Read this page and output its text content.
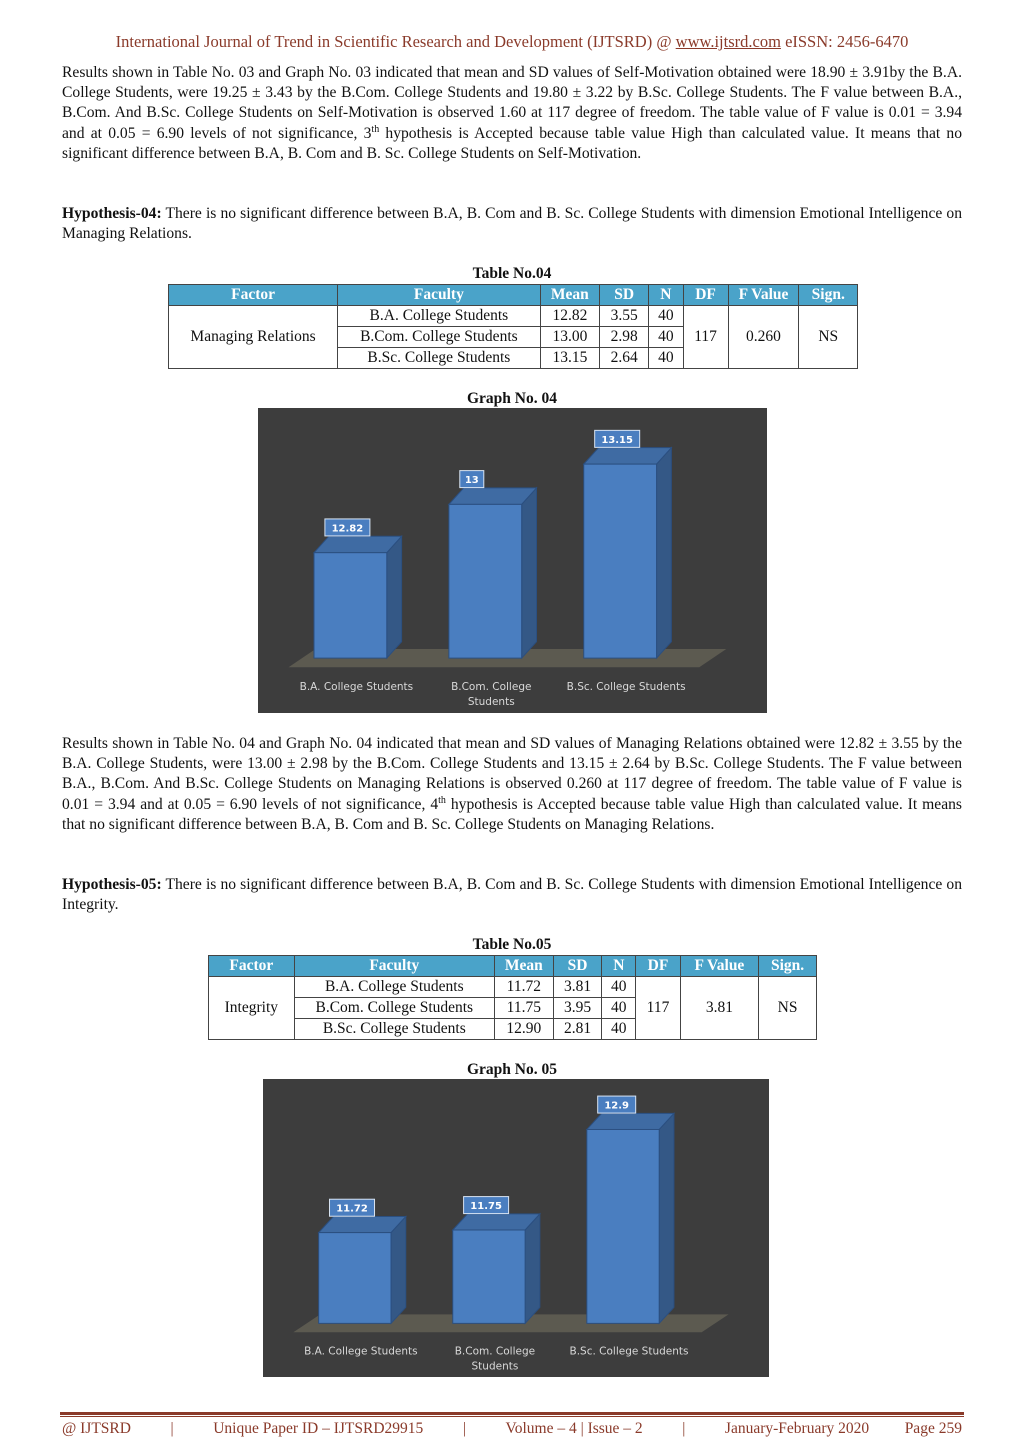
International Journal of Trend in Scientific Research and Development (IJTSRD) @ www.ijtsrd.com eISSN: 2456-6470
Results shown in Table No. 03 and Graph No. 03 indicated that mean and SD values of Self-Motivation obtained were 18.90 ± 3.91by the B.A. College Students, were 19.25 ± 3.43 by the B.Com. College Students and 19.80 ± 3.22 by B.Sc. College Students. The F value between B.A., B.Com. And B.Sc. College Students on Self-Motivation is observed 1.60 at 117 degree of freedom. The table value of F value is 0.01 = 3.94 and at 0.05 = 6.90 levels of not significance, 3th hypothesis is Accepted because table value High than calculated value. It means that no significant difference between B.A, B. Com and B. Sc. College Students on Self-Motivation.
Hypothesis-04: There is no significant difference between B.A, B. Com and B. Sc. College Students with dimension Emotional Intelligence on Managing Relations.
Table No.04
Factor	Faculty	Mean	SD	N	DF	F Value	Sign.
Managing Relations	B.A. College Students	12.82	3.55	40	117	0.260	NS
	B.Com. College Students	13.00	2.98	40			
	B.Sc. College Students	13.15	2.64	40			
Graph No. 04
12.82
B.A. College Students
13
B.Com. College
Students
13.15
B.Sc. College Students
Results shown in Table No. 04 and Graph No. 04 indicated that mean and SD values of Managing Relations obtained were 12.82 ± 3.55 by the B.A. College Students, were 13.00 ± 2.98 by the B.Com. College Students and 13.15 ± 2.64 by B.Sc. College Students. The F value between B.A., B.Com. And B.Sc. College Students on Managing Relations is observed 0.260 at 117 degree of freedom. The table value of F value is 0.01 = 3.94 and at 0.05 = 6.90 levels of not significance, 4th hypothesis is Accepted because table value High than calculated value. It means that no significant difference between B.A, B. Com and B. Sc. College Students on Managing Relations.
Hypothesis-05: There is no significant difference between B.A, B. Com and B. Sc. College Students with dimension Emotional Intelligence on Integrity.
Table No.05
Factor	Faculty	Mean	SD	N	DF	F Value	Sign.
Integrity	B.A. College Students	11.72	3.81	40	117	3.81	NS
	B.Com. College Students	11.75	3.95	40			
	B.Sc. College Students	12.90	2.81	40			
Graph No. 05
11.72
B.A. College Students
11.75
B.Com. College
Students
12.9
B.Sc. College Students
@ IJTSRD	|	Unique Paper ID – IJTSRD29915	|	Volume – 4 | Issue – 2	|	January-February 2020 Page 259
